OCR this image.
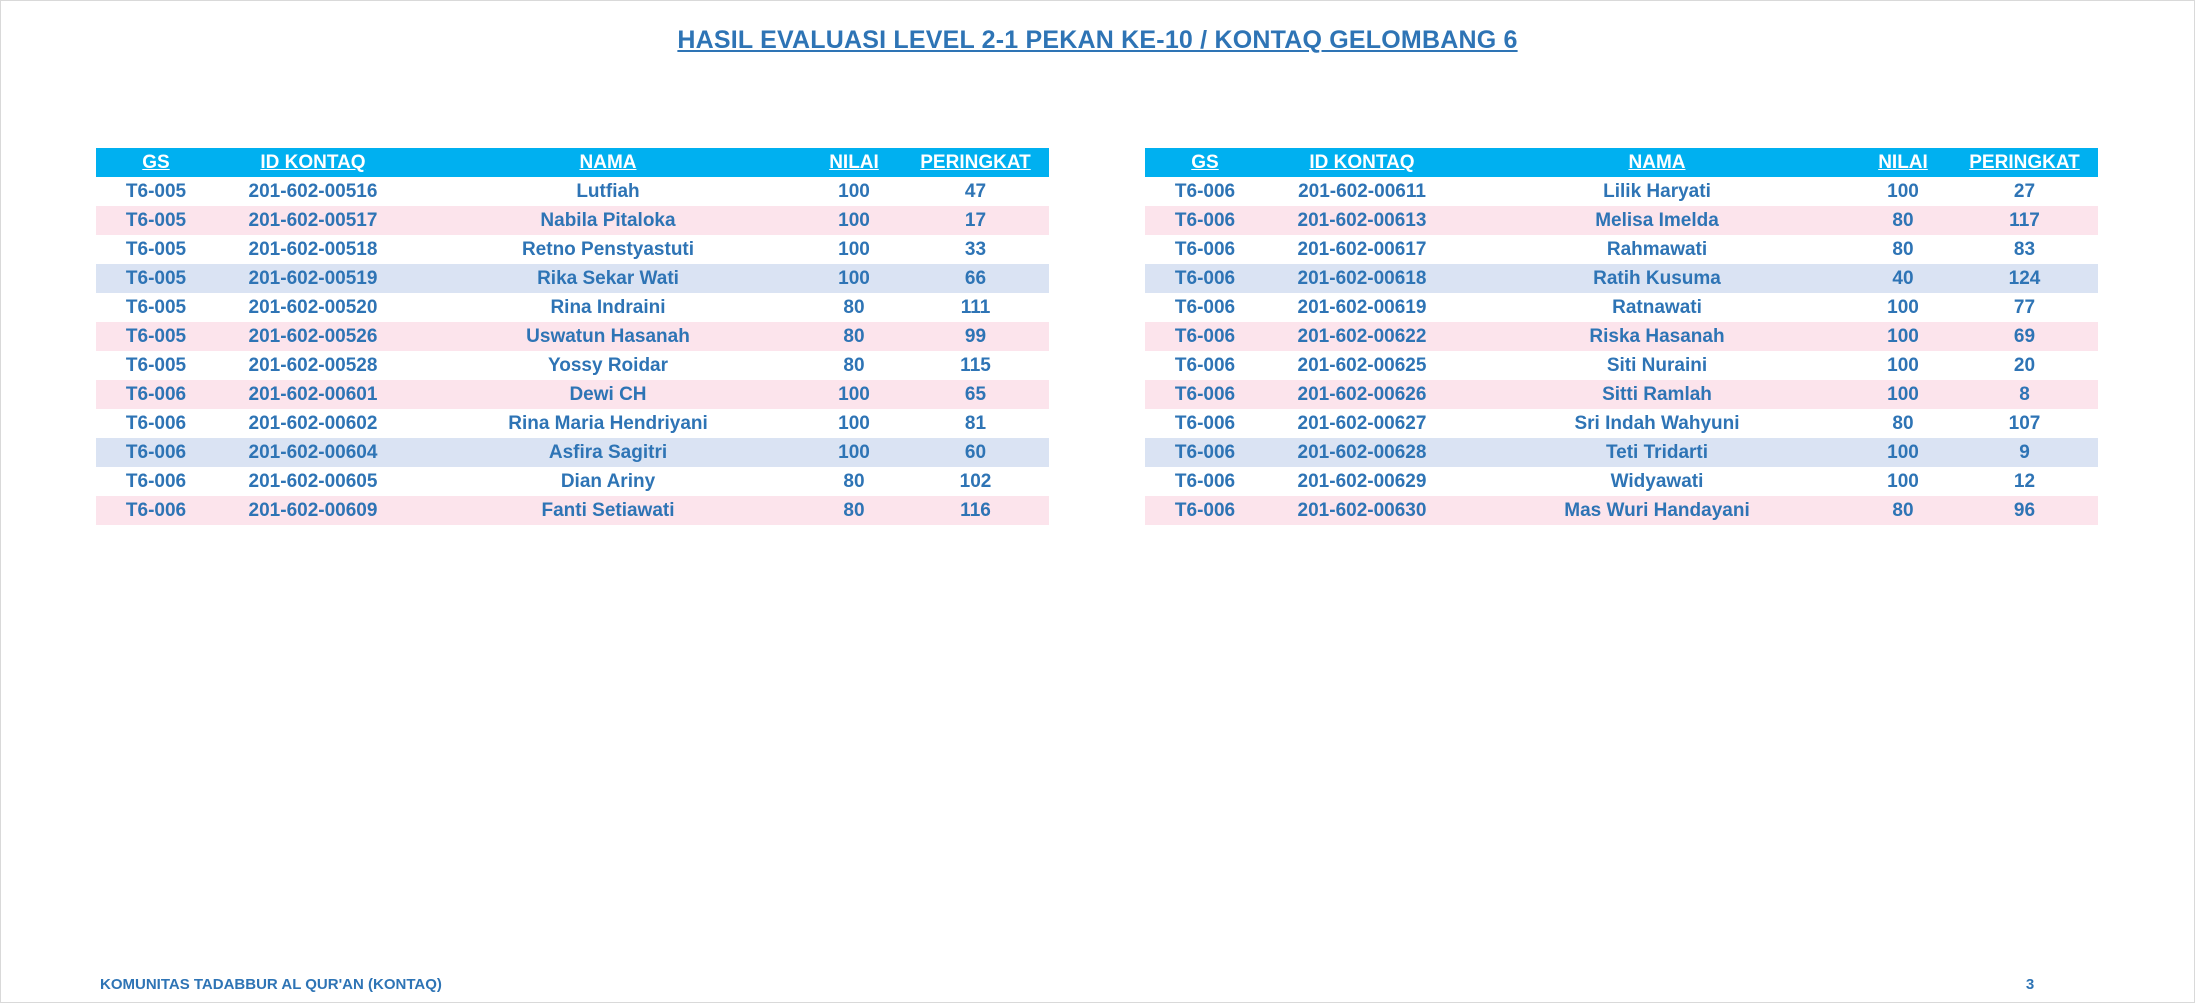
HASIL EVALUASI LEVEL 2-1 PEKAN KE-10 / KONTAQ GELOMBANG 6
GS	ID KONTAQ	NAMA	NILAI	PERINGKAT
T6-005	201-602-00516	Lutfiah	100	47
T6-005	201-602-00517	Nabila Pitaloka	100	17
T6-005	201-602-00518	Retno Penstyastuti	100	33
T6-005	201-602-00519	Rika Sekar Wati	100	66
T6-005	201-602-00520	Rina Indraini	80	111
T6-005	201-602-00526	Uswatun Hasanah	80	99
T6-005	201-602-00528	Yossy Roidar	80	115
T6-006	201-602-00601	Dewi CH	100	65
T6-006	201-602-00602	Rina Maria Hendriyani	100	81
T6-006	201-602-00604	Asfira Sagitri	100	60
T6-006	201-602-00605	Dian Ariny	80	102
T6-006	201-602-00609	Fanti Setiawati	80	116
GS	ID KONTAQ	NAMA	NILAI	PERINGKAT
T6-006	201-602-00611	Lilik Haryati	100	27
T6-006	201-602-00613	Melisa Imelda	80	117
T6-006	201-602-00617	Rahmawati	80	83
T6-006	201-602-00618	Ratih Kusuma	40	124
T6-006	201-602-00619	Ratnawati	100	77
T6-006	201-602-00622	Riska Hasanah	100	69
T6-006	201-602-00625	Siti Nuraini	100	20
T6-006	201-602-00626	Sitti Ramlah	100	8
T6-006	201-602-00627	Sri Indah Wahyuni	80	107
T6-006	201-602-00628	Teti Tridarti	100	9
T6-006	201-602-00629	Widyawati	100	12
T6-006	201-602-00630	Mas Wuri Handayani	80	96
KOMUNITAS TADABBUR AL QUR'AN (KONTAQ)	3
